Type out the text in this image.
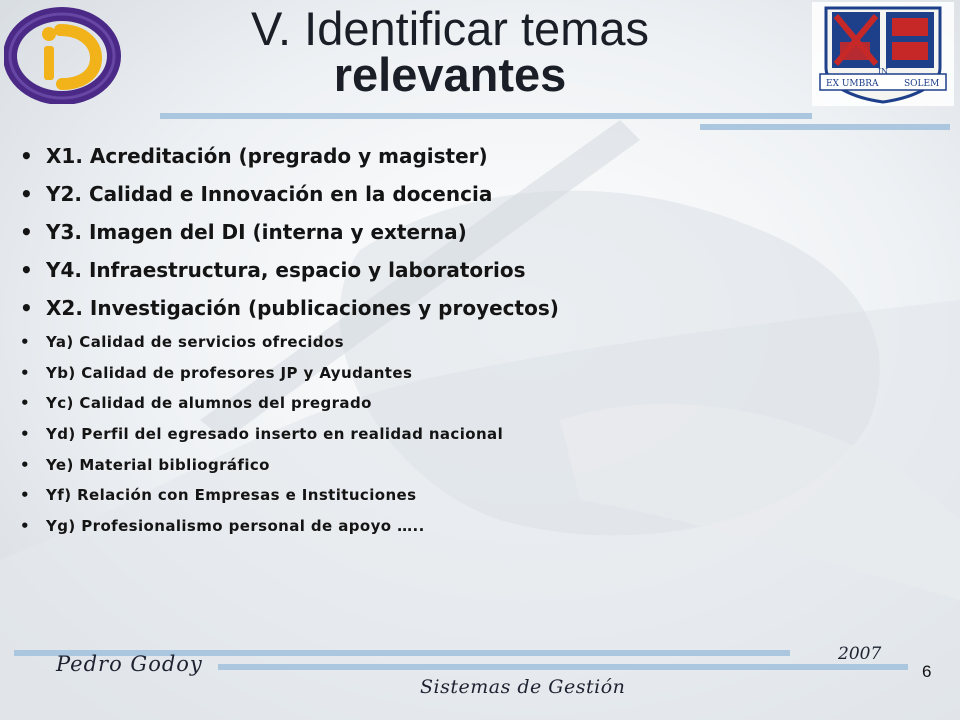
V. Identificar temas
relevantes	EX UMBRA
IN
SOLEM
• X1. Acreditación (pregrado y magister)
• Y2. Calidad e Innovación en la docencia
• Y3. Imagen del DI (interna y externa)
• Y4. Infraestructura, espacio y laboratorios
• X2. Investigación (publicaciones y proyectos)
• Ya) Calidad de servicios ofrecidos
• Yb) Calidad de profesores JP y Ayudantes
• Yc) Calidad de alumnos del pregrado
• Yd) Perfil del egresado inserto en realidad nacional
• Ye) Material bibliográfico
• Yf) Relación con Empresas e Instituciones
• Yg) Profesionalismo personal de apoyo …..
Pedro Godoy	2007
Sistemas de Gestión
6
